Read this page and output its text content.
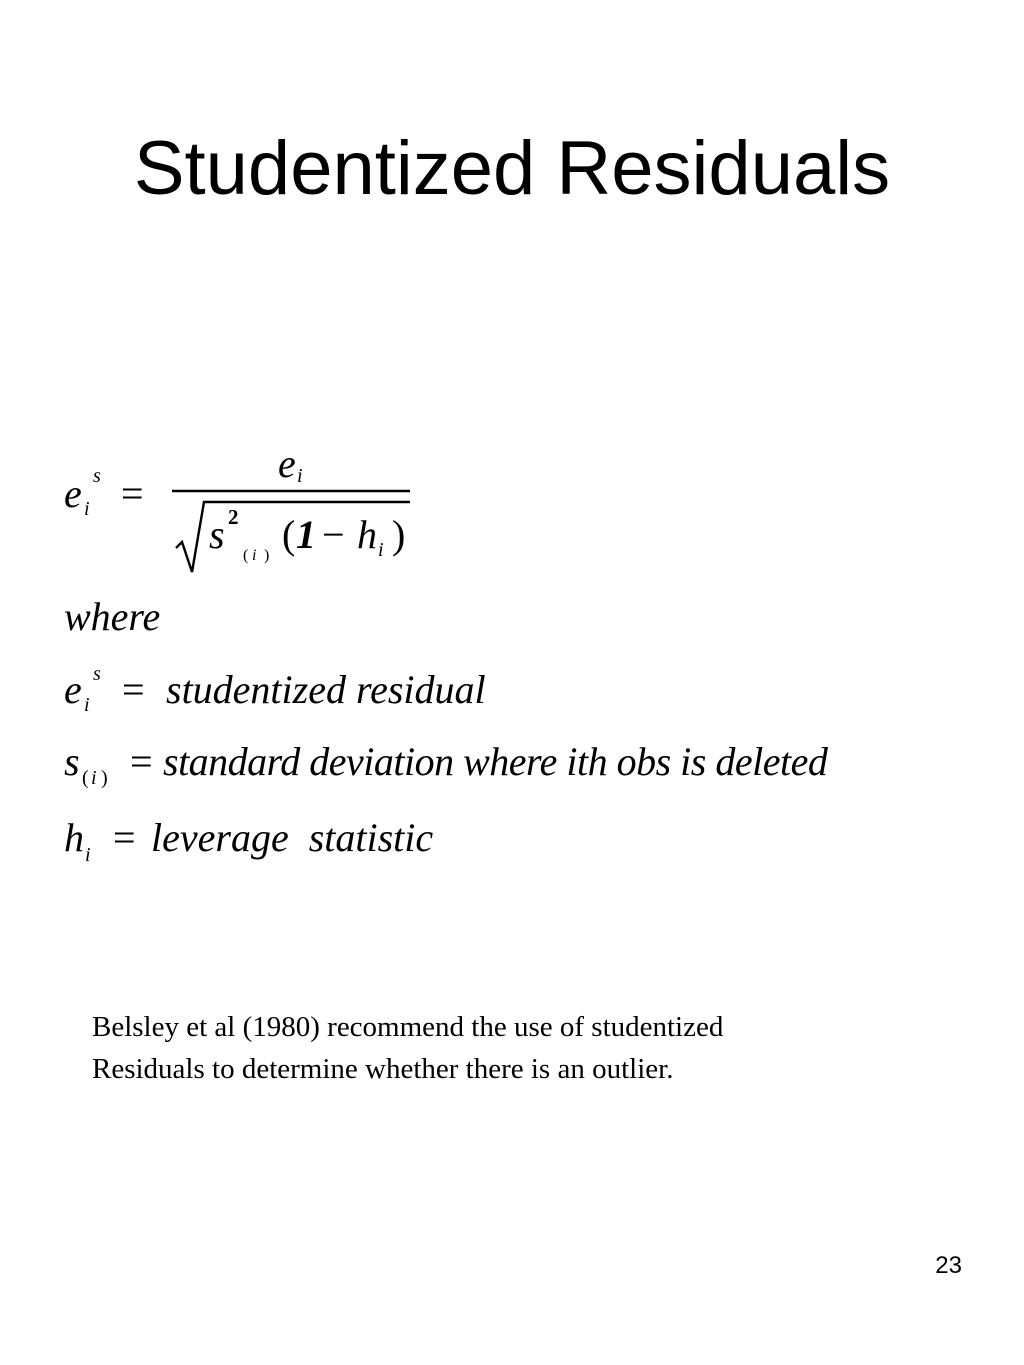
Studentized Residuals
e s
i =
e i
s 2
( i ) ( 1 − h i )
where
e s
i = studentized residual
s ( i ) = standard deviation where ith obs is deleted
h i = leverage  statistic
Belsley et al (1980) recommend the use of studentized
Residuals to determine whether there is an outlier.
23
